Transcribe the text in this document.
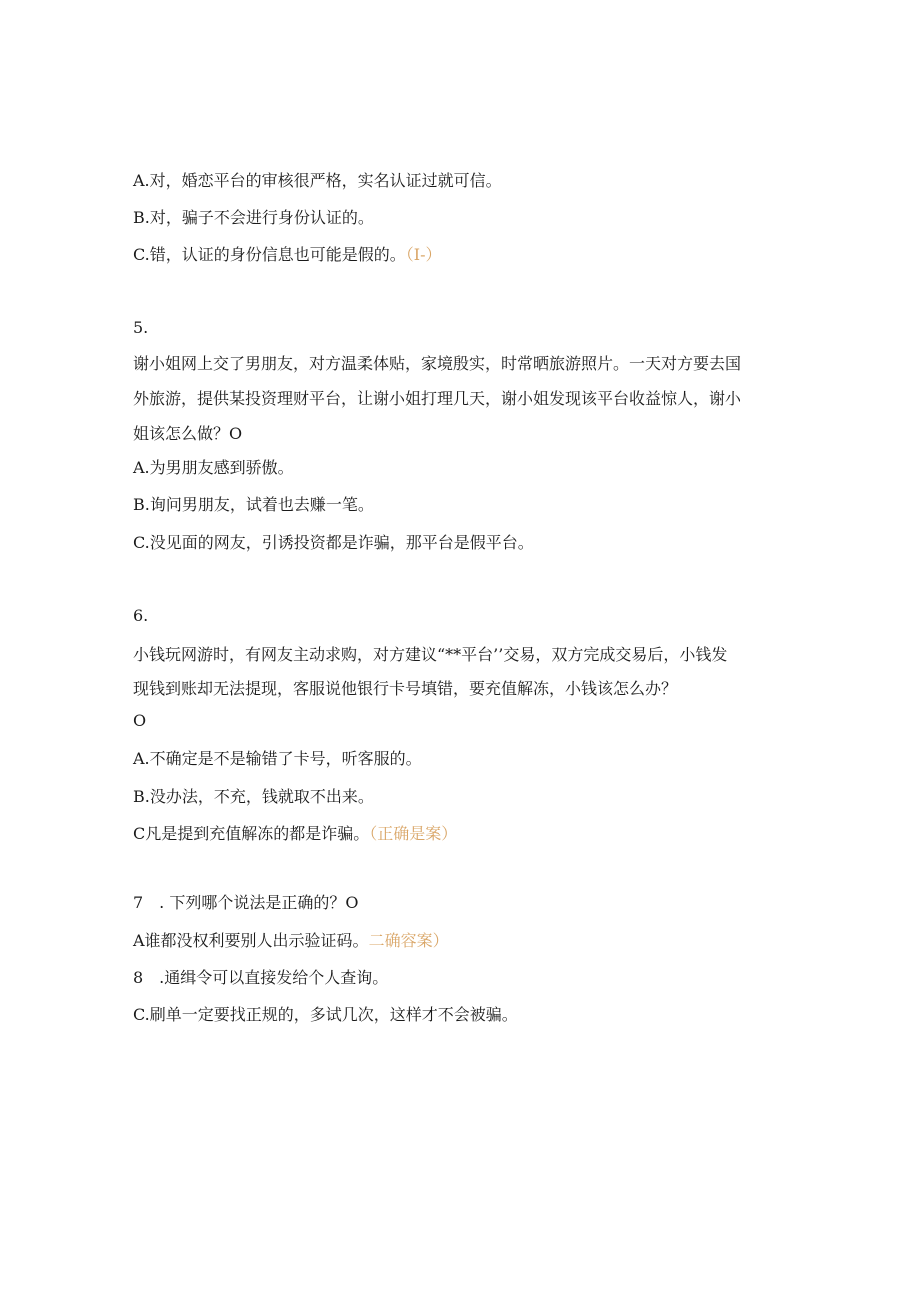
A.对，婚恋平台的审核很严格，实名认证过就可信。
B.对，骗子不会进行身份认证的。
C.错，认证的身份信息也可能是假的。（I-）
5.
谢小姐网上交了男朋友，对方温柔体贴，家境殷实，时常晒旅游照片。一天对方要去国
外旅游，提供某投资理财平台，让谢小姐打理几天，谢小姐发现该平台收益惊人，谢小
姐该怎么做？O
A.为男朋友感到骄傲。
B.询问男朋友，试着也去赚一笔。
C.没见面的网友，引诱投资都是诈骗，那平台是假平台。
6.
小钱玩网游时，有网友主动求购，对方建议“**平台’’交易，双方完成交易后，小钱发
现钱到账却无法提现，客服说他银行卡号填错，要充值解冻，小钱该怎么办？
O
A.不确定是不是输错了卡号，听客服的。
B.没办法，不充，钱就取不出来。
C凡是提到充值解冻的都是诈骗。（正确是案）
7　. 下列哪个说法是正确的？O
A谁都没权利要别人出示验证码。二确容案）
8　.通缉令可以直接发给个人查询。
C.刷单一定要找正规的，多试几次，这样才不会被骗。
